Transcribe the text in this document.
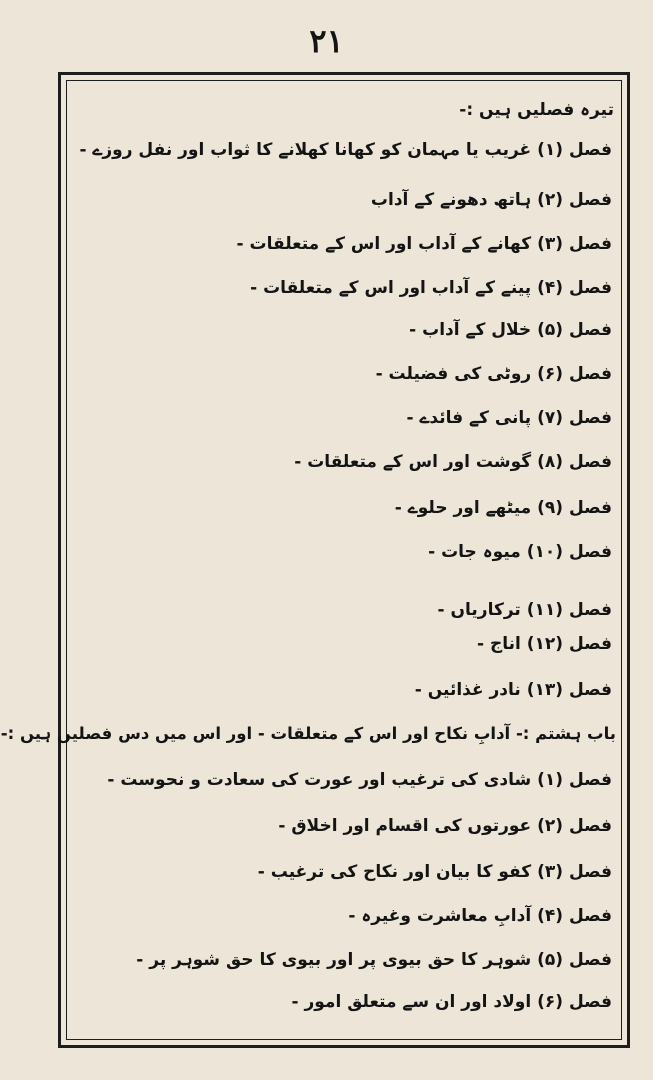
۲۱
تیرہ فصلیں ہیں :-
فصل (۱) غریب یا مہمان کو کھانا کھلانے کا ثواب اور نفل روزے -
فصل (۲) ہاتھ دھونے کے آداب
فصل (۳) کھانے کے آداب اور اس کے متعلقات -
فصل (۴) پینے کے آداب اور اس کے متعلقات -
فصل (۵) خلال کے آداب -
فصل (۶) روٹی کی فضیلت -
فصل (۷) پانی کے فائدے -
فصل (۸) گوشت اور اس کے متعلقات -
فصل (۹) میٹھے اور حلوے -
فصل (۱۰) میوہ جات -
فصل (۱۱) ترکاریاں -
فصل (۱۲) اناج -
فصل (۱۳) نادر غذائیں -
باب ہشتم :- آدابِ نکاح اور اس کے متعلقات - اور اس میں دس فصلیں ہیں :-
فصل (۱) شادی کی ترغیب اور عورت کی سعادت و نحوست -
فصل (۲) عورتوں کی اقسام اور اخلاق -
فصل (۳) کفو کا بیان اور نکاح کی ترغیب -
فصل (۴) آدابِ معاشرت وغیرہ -
فصل (۵) شوہر کا حق بیوی پر اور بیوی کا حق شوہر پر -
فصل (۶) اولاد اور ان سے متعلق امور -
